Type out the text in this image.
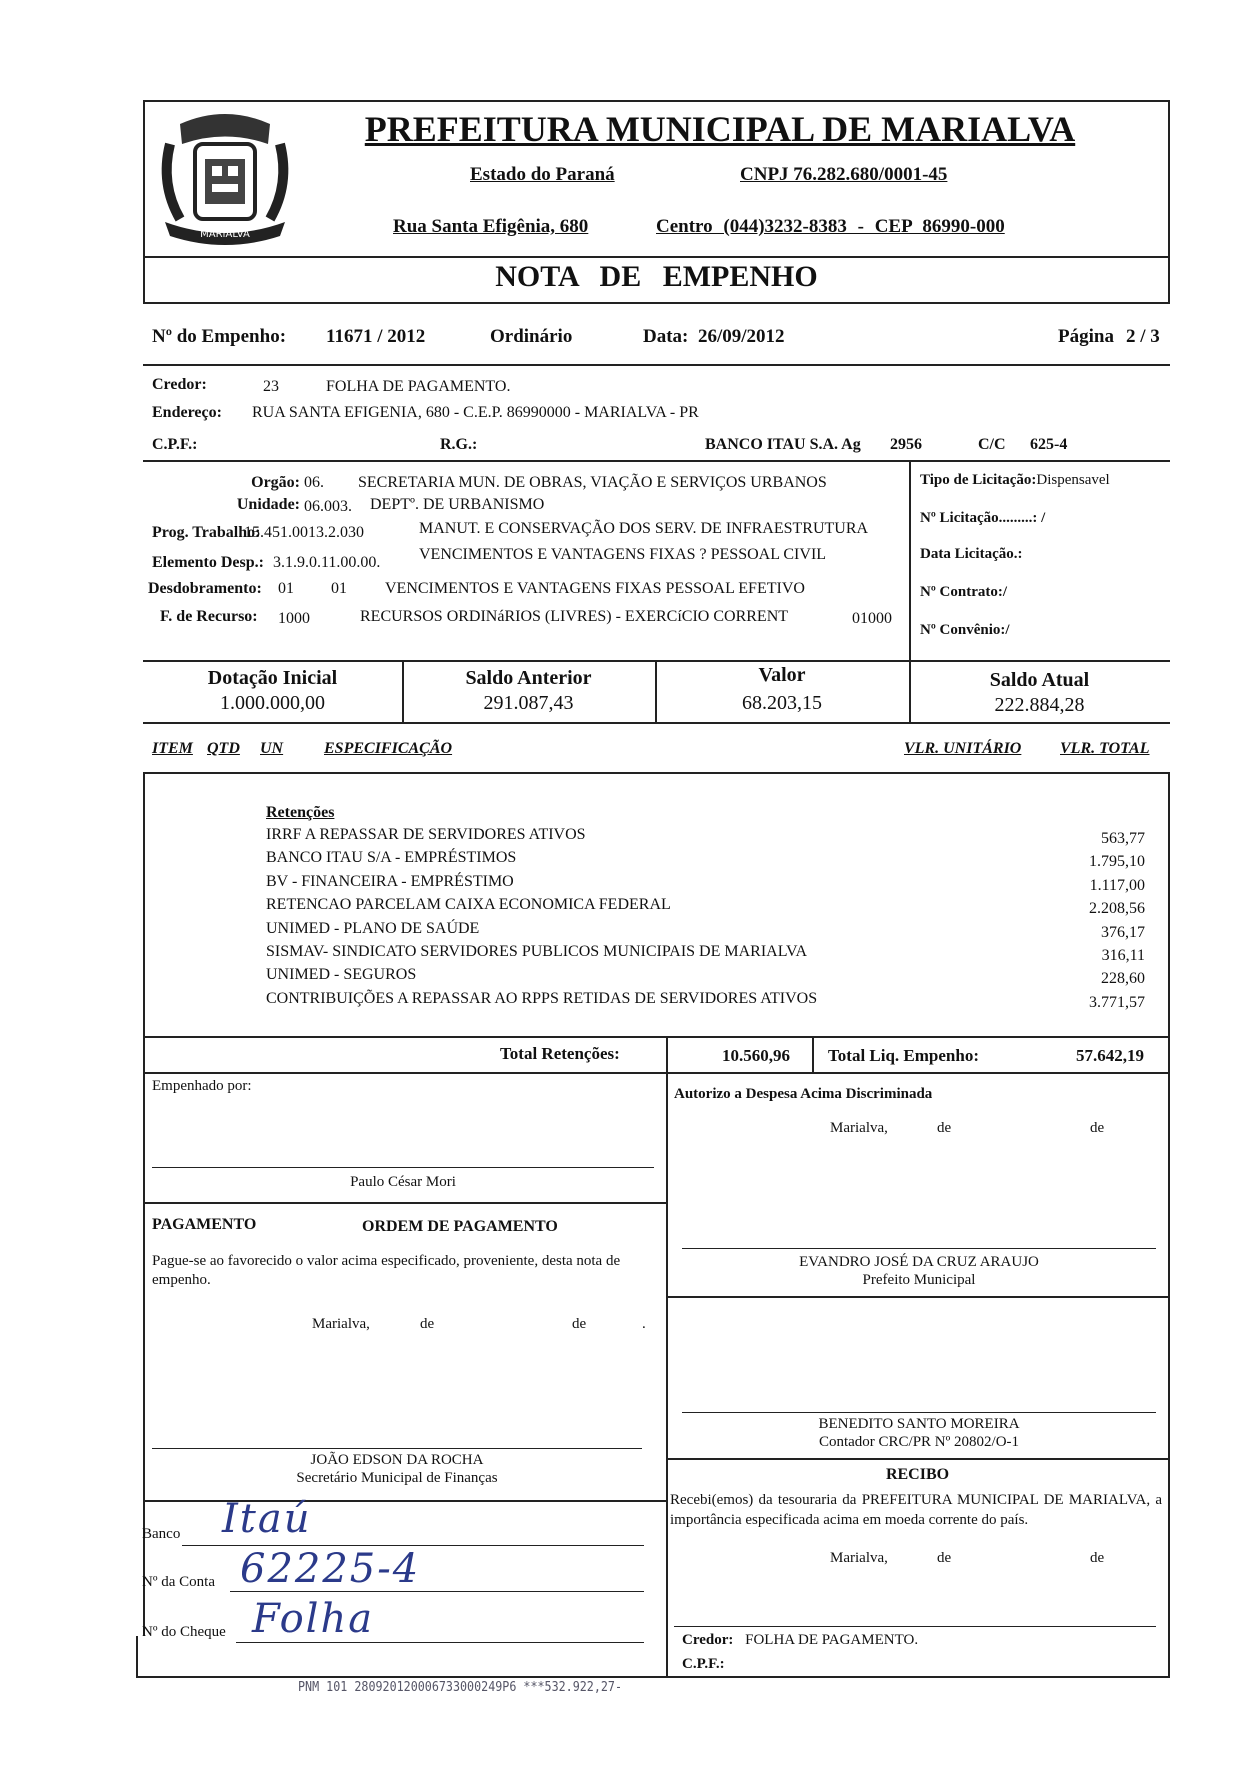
MARIALVA
PREFEITURA MUNICIPAL DE MARIALVA
Estado do Paraná	CNPJ 76.282.680/0001-45
Rua Santa Efigênia, 680	Centro (044)3232-8383 - CEP 86990-000
NOTA DE EMPENHO
Nº do Empenho: 11671 / 2012	Ordinário	Data: 26/09/2012	Página 2 / 3
Credor:	23	FOLHA DE PAGAMENTO.
Endereço: RUA SANTA EFIGENIA, 680 - C.E.P. 86990000 - MARIALVA - PR
C.P.F.:	R.G.:	BANCO ITAU S.A. Ag 2956	C/C 625-4
Orgão: 06. SECRETARIA MUN. DE OBRAS, VIAÇÃO E SERVIÇOS URBANOS
Unidade: 06.003. DEPTº. DE URBANISMO
Prog. Trabalho:
15.451.0013.2.030	MANUT. E CONSERVAÇÃO DOS SERV. DE INFRAESTRUTURA
Elemento Desp.: 3.1.9.0.11.00.00. VENCIMENTOS E VANTAGENS FIXAS ? PESSOAL CIVIL
Desdobramento: 01 01 VENCIMENTOS E VANTAGENS FIXAS PESSOAL EFETIVO
F. de Recurso: 1000	RECURSOS ORDINáRIOS (LIVRES) - EXERCíCIO CORRENT	01000
Tipo de Licitação:Dispensavel
Nº Licitação.........: /
Data Licitação.:
Nº Contrato:/
Nº Convênio:/
Dotação Inicial
1.000.000,00
Saldo Anterior
291.087,43
Valor
68.203,15
Saldo Atual
222.884,28
ITEM QTD UN	ESPECIFICAÇÃO	VLR. UNITÁRIO VLR. TOTAL
Retenções
IRRF A REPASSAR DE SERVIDORES ATIVOS	563,77
BANCO ITAU S/A - EMPRÉSTIMOS	1.795,10
BV - FINANCEIRA - EMPRÉSTIMO	1.117,00
RETENCAO PARCELAM CAIXA ECONOMICA FEDERAL	2.208,56
UNIMED - PLANO DE SAÚDE	376,17
SISMAV- SINDICATO SERVIDORES PUBLICOS MUNICIPAIS DE MARIALVA	316,11
UNIMED - SEGUROS	228,60
CONTRIBUIÇÕES A REPASSAR AO RPPS RETIDAS DE SERVIDORES ATIVOS	3.771,57
Total Retenções:	10.560,96 Total Liq. Empenho:	57.642,19
Empenhado por:
Paulo César Mori
PAGAMENTO	ORDEM DE PAGAMENTO
Pague-se ao favorecido o valor acima especificado, proveniente, desta nota de empenho.
Marialva,	de	de	.
JOÃO EDSON DA ROCHA
Secretário Municipal de Finanças
Banco Itaú
Nº da Conta 62225-4
Nº do Cheque Folha
Autorizo a Despesa Acima Discriminada
Marialva,	de	de
EVANDRO JOSÉ DA CRUZ ARAUJO
Prefeito Municipal
BENEDITO SANTO MOREIRA
Contador CRC/PR Nº 20802/O-1
RECIBO
Recebi(emos) da tesouraria da PREFEITURA MUNICIPAL DE MARIALVA, a importância especificada acima em moeda corrente do país.
Marialva,	de	de
Credor: FOLHA DE PAGAMENTO.
C.P.F.:
PNM 101 280920120006733000249P6 ***532.922,27-
